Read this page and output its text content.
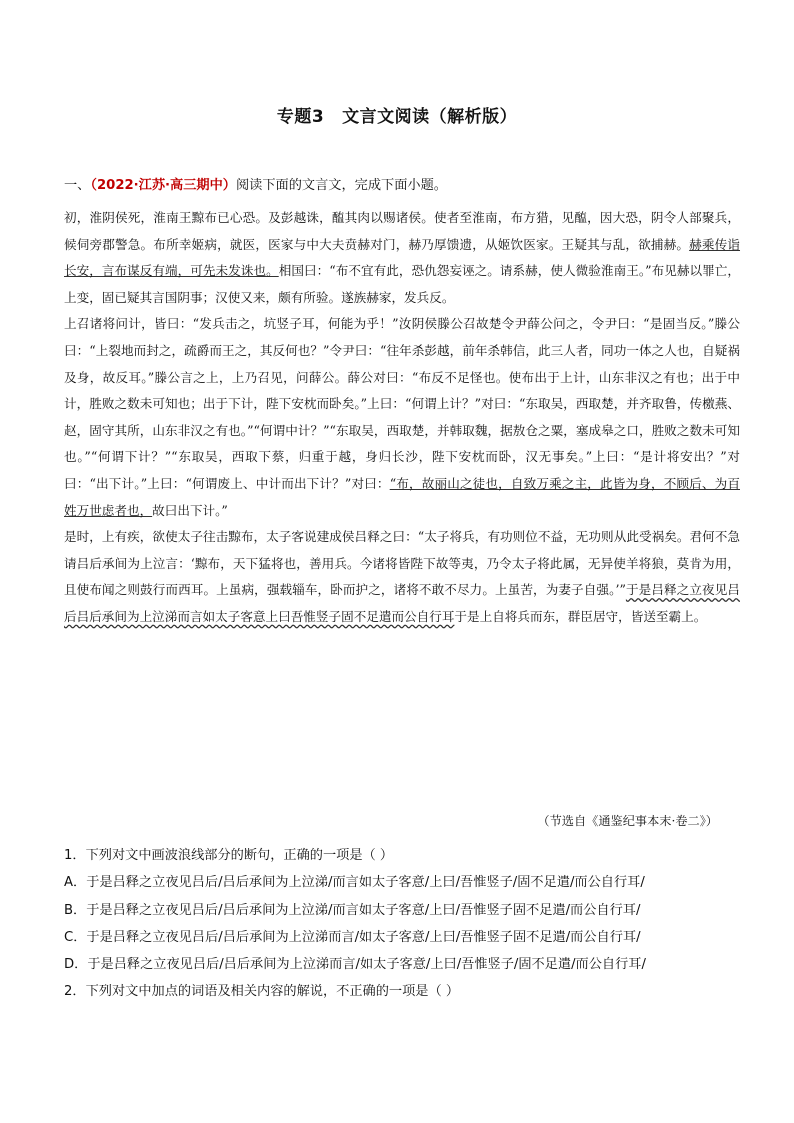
专题3 文言文阅读（解析版）
一、（2022·江苏·高三期中）阅读下面的文言文，完成下面小题。

初，淮阴侯死，淮南王黥布已心恐。及彭越诛，醢其肉以赐诸侯。使者至淮南，布方猎，见醢，因大恐，阴令人部聚兵，候伺旁郡警急。布所幸姬病，就医，医家与中大夫贲赫对门，赫乃厚馈遗，从姬饮医家。王疑其与乱，欲捕赫。赫乘传诣长安，言布谋反有端，可先未发诛也。相国曰：“布不宜有此，恐仇怨妄诬之。请系赫，使人微验淮南王。”布见赫以罪亡，上变，固已疑其言国阴事；汉使又来，颇有所验。遂族赫家，发兵反。

上召诸将问计，皆曰：“发兵击之，坑竖子耳，何能为乎！”汝阴侯滕公召故楚令尹薛公问之，令尹曰：“是固当反。”滕公曰：“上裂地而封之，疏爵而王之，其反何也？”令尹曰：“往年杀彭越，前年杀韩信，此三人者，同功一体之人也，自疑祸及身，故反耳。”滕公言之上，上乃召见，问薛公。薛公对曰：“布反不足怪也。使布出于上计，山东非汉之有也；出于中计，胜败之数未可知也；出于下计，陛下安枕而卧矣。”上曰：“何谓上计？”对曰：“东取吴，西取楚，并齐取鲁，传檄燕、赵，固守其所，山东非汉之有也。”“何谓中计？”“东取吴，西取楚，并韩取魏，据敖仓之粟，塞成皋之口，胜败之数未可知也。”“何谓下计？”“东取吴，西取下蔡，归重于越，身归长沙，陛下安枕而卧，汉无事矣。”上曰：“是计将安出？”对曰：“出下计。”上曰：“何谓废上、中计而出下计？”对曰：“布，故丽山之徒也，自致万乘之主，此皆为身，不顾后、为百姓万世虑者也，故曰出下计。”

是时，上有疾，欲使太子往击黥布，太子客说建成侯吕释之曰：“太子将兵，有功则位不益，无功则从此受祸矣。君何不急请吕后承间为上泣言：‘黥布，天下猛将也，善用兵。今诸将皆陛下故等夷，乃令太子将此属，无异使羊将狼，莫肯为用，且使布闻之则鼓行而西耳。上虽病，强载辎车，卧而护之，诸将不敢不尽力。上虽苦，为妻子自强。’”于是吕释之立夜见吕后吕后承间为上泣涕而言如太子客意上曰吾惟竖子固不足遣而公自行耳于是上自将兵而东，群臣居守，皆送至霸上。

（节选自《通鉴纪事本末·卷二》）
1．下列对文中画波浪线部分的断句，正确的一项是（ ）
A．于是吕释之立夜见吕后/吕后承间为上泣涕/而言如太子客意/上曰/吾惟竖子/固不足遣/而公自行耳/
B．于是吕释之立夜见吕后/吕后承间为上泣涕/而言如太子客意/上曰/吾惟竖子固不足遣/而公自行耳/
C．于是吕释之立夜见吕后/吕后承间为上泣涕而言/如太子客意/上曰/吾惟竖子固不足遣/而公自行耳/
D．于是吕释之立夜见吕后/吕后承间为上泣涕而言/如太子客意/上曰/吾惟竖子/固不足遣/而公自行耳/
2．下列对文中加点的词语及相关内容的解说，不正确的一项是（ ）
